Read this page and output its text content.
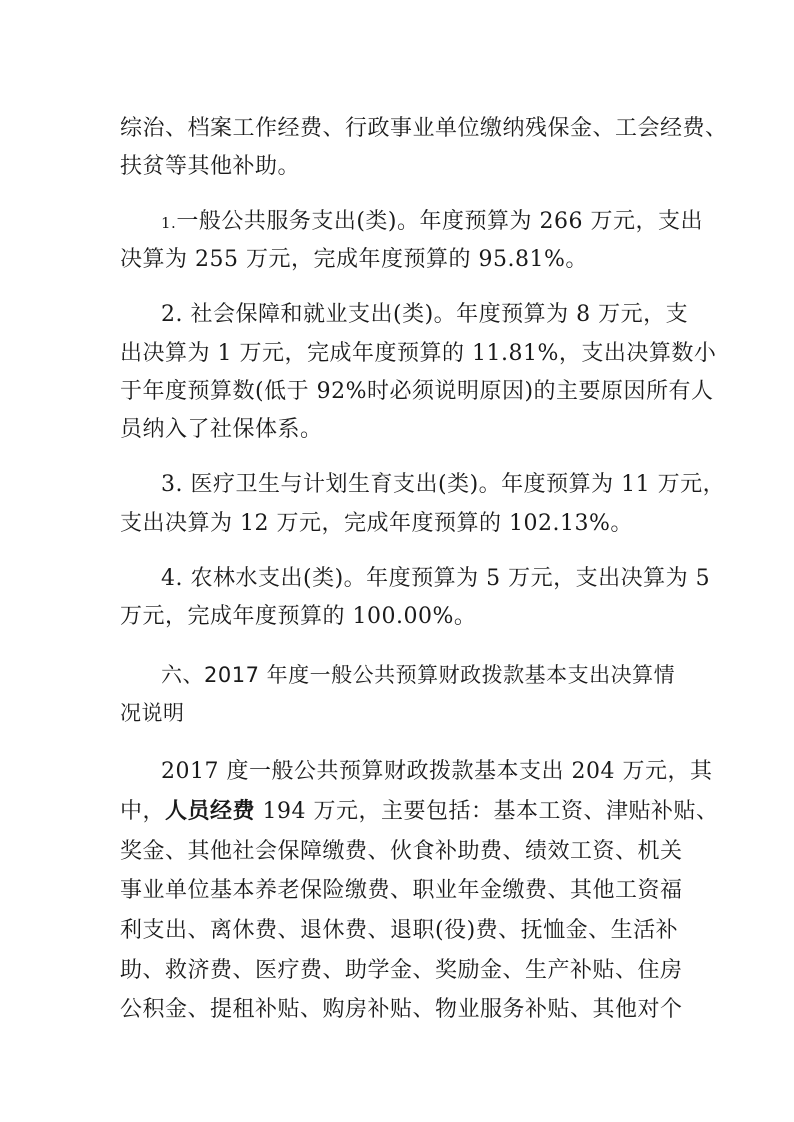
综治、档案工作经费、行政事业单位缴纳残保金、工会经费、
扶贫等其他补助。
1.一般公共服务支出(类)。年度预算为 266 万元，支出
决算为 255 万元，完成年度预算的 95.81%。
2. 社会保障和就业支出(类)。年度预算为 8 万元，支
出决算为 1 万元，完成年度预算的 11.81%，支出决算数小
于年度预算数(低于 92%时必须说明原因)的主要原因所有人
员纳入了社保体系。
3. 医疗卫生与计划生育支出(类)。年度预算为 11 万元，
支出决算为 12 万元，完成年度预算的 102.13%。
4. 农林水支出(类)。年度预算为 5 万元，支出决算为 5
万元，完成年度预算的 100.00%。
六、2017 年度一般公共预算财政拨款基本支出决算情
况说明
2017 度一般公共预算财政拨款基本支出 204 万元，其
中，人员经费 194 万元，主要包括：基本工资、津贴补贴、
奖金、其他社会保障缴费、伙食补助费、绩效工资、机关
事业单位基本养老保险缴费、职业年金缴费、其他工资福
利支出、离休费、退休费、退职(役)费、抚恤金、生活补
助、救济费、医疗费、助学金、奖励金、生产补贴、住房
公积金、提租补贴、购房补贴、物业服务补贴、其他对个
